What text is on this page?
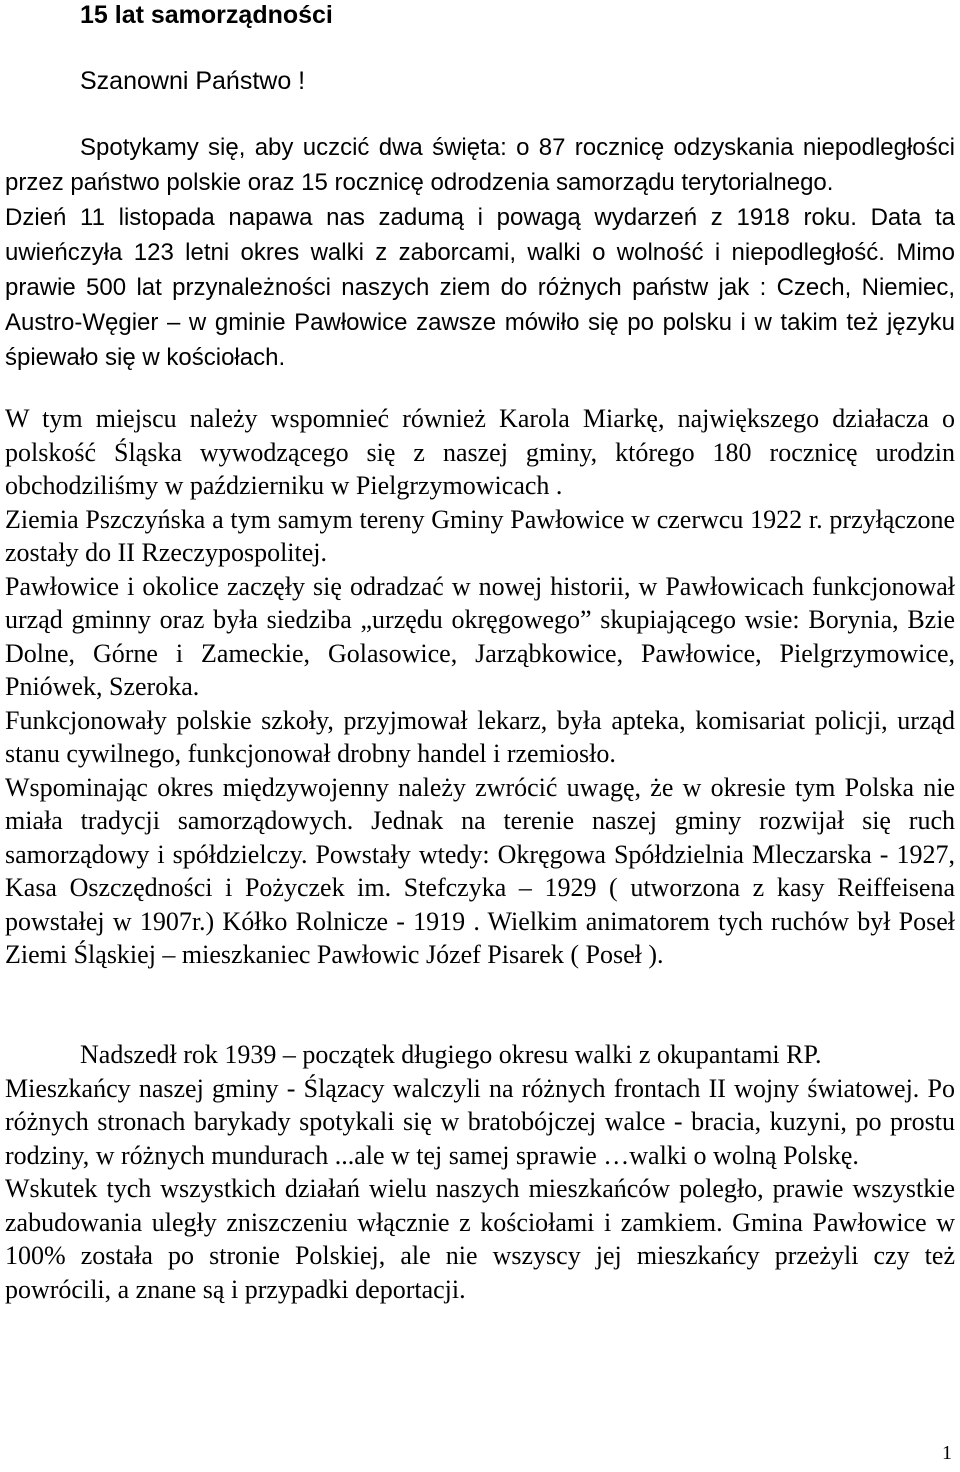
15 lat samorządności
Szanowni Państwo !

Spotykamy się, aby uczcić dwa święta: o 87 rocznicę odzyskania niepodległości przez państwo polskie oraz 15 rocznicę odrodzenia samorządu terytorialnego.

Dzień 11 listopada napawa nas zadumą i powagą wydarzeń z 1918 roku. Data ta uwieńczyła 123 letni okres walki z zaborcami, walki o wolność i niepodległość. Mimo prawie 500 lat przynależności naszych ziem do różnych państw jak : Czech, Niemiec, Austro-Węgier – w gminie Pawłowice zawsze mówiło się po polsku i w takim też języku śpiewało się w kościołach.

W tym miejscu należy wspomnieć również Karola Miarkę, największego działacza o polskość Śląska wywodzącego się z naszej gminy, którego 180 rocznicę urodzin obchodziliśmy w październiku w Pielgrzymowicach .

Ziemia Pszczyńska a tym samym tereny Gminy Pawłowice w czerwcu 1922 r. przyłączone zostały do II Rzeczypospolitej.

Pawłowice i okolice zaczęły się odradzać w nowej historii, w Pawłowicach funkcjonował urząd gminny oraz była siedziba „urzędu okręgowego” skupiającego wsie: Borynia, Bzie Dolne, Górne i Zameckie, Golasowice, Jarząbkowice, Pawłowice, Pielgrzymowice, Pniówek, Szeroka.

Funkcjonowały polskie szkoły, przyjmował lekarz, była apteka, komisariat policji, urząd stanu cywilnego, funkcjonował drobny handel i rzemiosło.

Wspominając okres międzywojenny należy zwrócić uwagę, że w okresie tym Polska nie miała tradycji samorządowych. Jednak na terenie naszej gminy rozwijał się ruch samorządowy i spółdzielczy. Powstały wtedy: Okręgowa Spółdzielnia Mleczarska - 1927, Kasa Oszczędności i Pożyczek im. Stefczyka – 1929 ( utworzona z kasy Reiffeisena powstałej w 1907r.) Kółko Rolnicze - 1919 . Wielkim animatorem tych ruchów był Poseł Ziemi Śląskiej – mieszkaniec Pawłowic Józef Pisarek ( Poseł ).

Nadszedł rok 1939 – początek długiego okresu walki z okupantami RP.

Mieszkańcy naszej gminy - Ślązacy walczyli na różnych frontach II wojny światowej. Po różnych stronach barykady spotykali się w bratobójczej walce - bracia, kuzyni, po prostu rodziny, w różnych mundurach ...ale w tej samej sprawie …walki o wolną Polskę.

Wskutek tych wszystkich działań wielu naszych mieszkańców poległo, prawie wszystkie zabudowania uległy zniszczeniu włącznie z kościołami i zamkiem. Gmina Pawłowice w 100% została po stronie Polskiej, ale nie wszyscy jej mieszkańcy przeżyli czy też powrócili, a znane są i przypadki deportacji.

1
